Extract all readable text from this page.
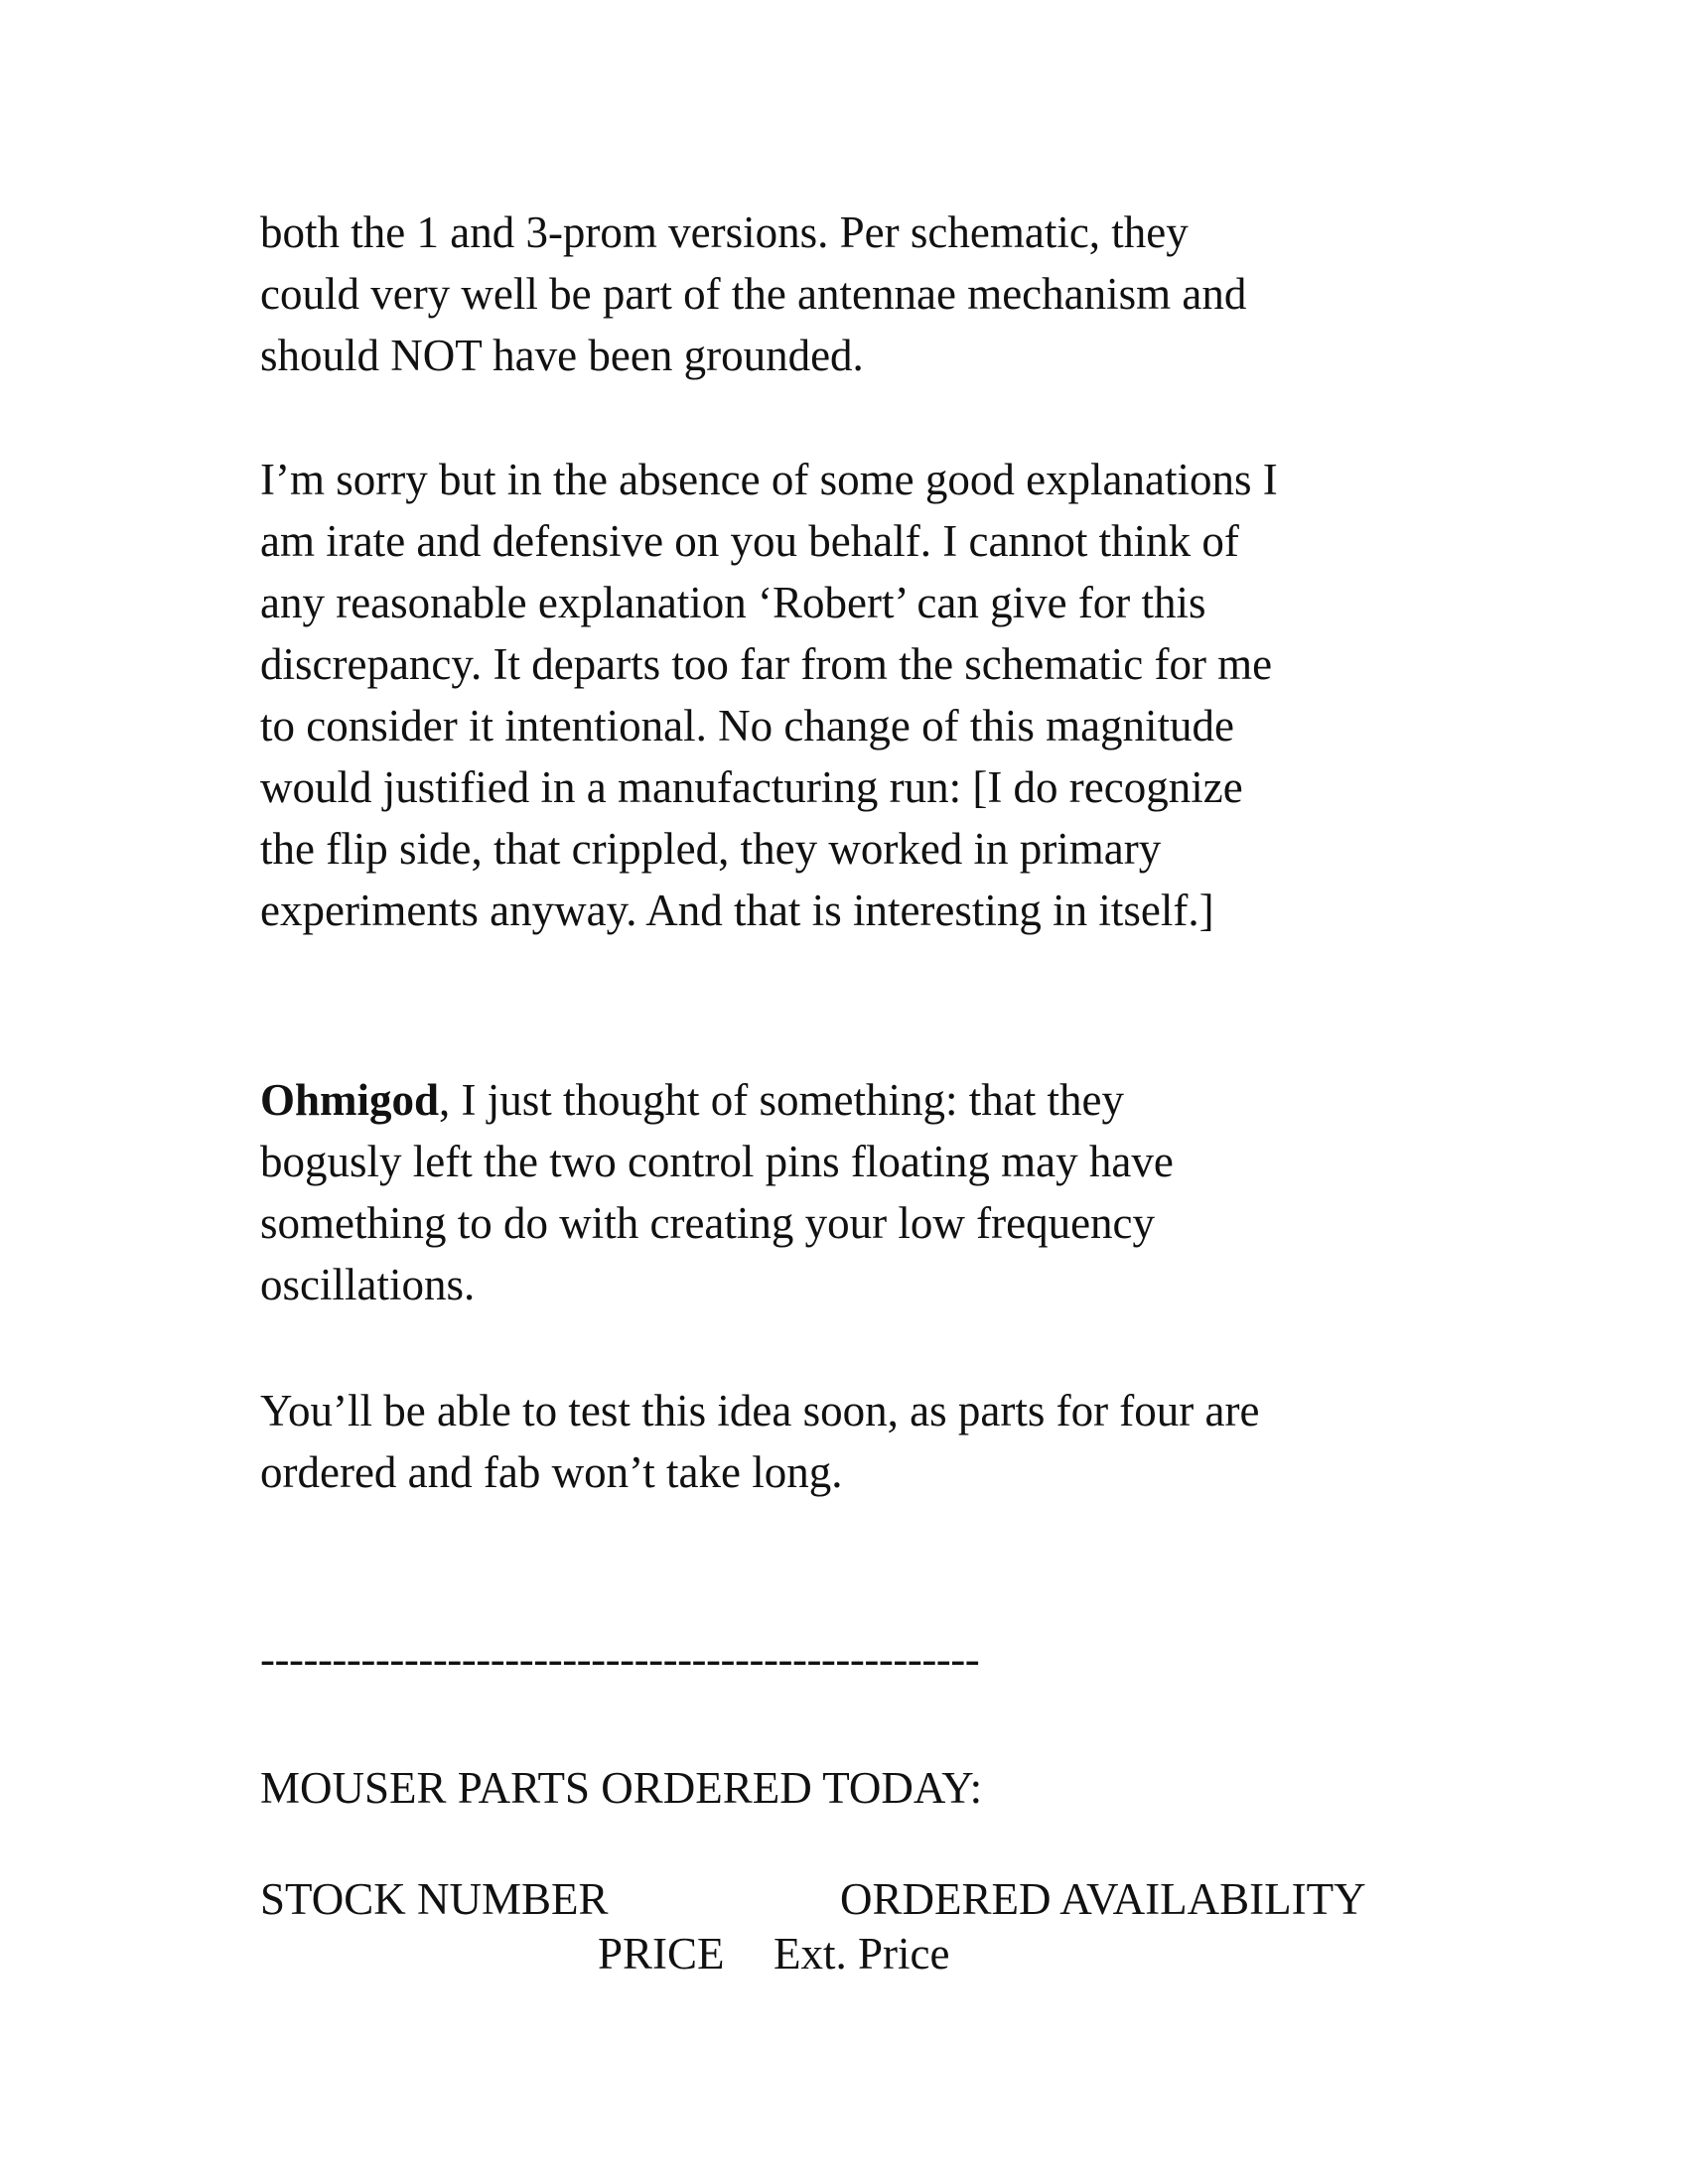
both the 1 and 3-prom versions. Per schematic, they
could very well be part of the antennae mechanism and
should NOT have been grounded.
I’m sorry but in the absence of some good explanations I
am irate and defensive on you behalf. I cannot think of
any reasonable explanation ‘Robert’ can give for this
discrepancy. It departs too far from the schematic for me
to consider it intentional. No change of this magnitude
would justified in a manufacturing run: [I do recognize
the flip side, that crippled, they worked in primary
experiments anyway. And that is interesting in itself.]
Ohmigod, I just thought of something: that they
bogusly left the two control pins floating may have
something to do with creating your low frequency
oscillations.
You’ll be able to test this idea soon, as parts for four are
ordered and fab won’t take long.
--------------------------------------------------
MOUSER PARTS ORDERED TODAY:
STOCK NUMBER	ORDERED AVAILABILITY
PRICE Ext. Price
